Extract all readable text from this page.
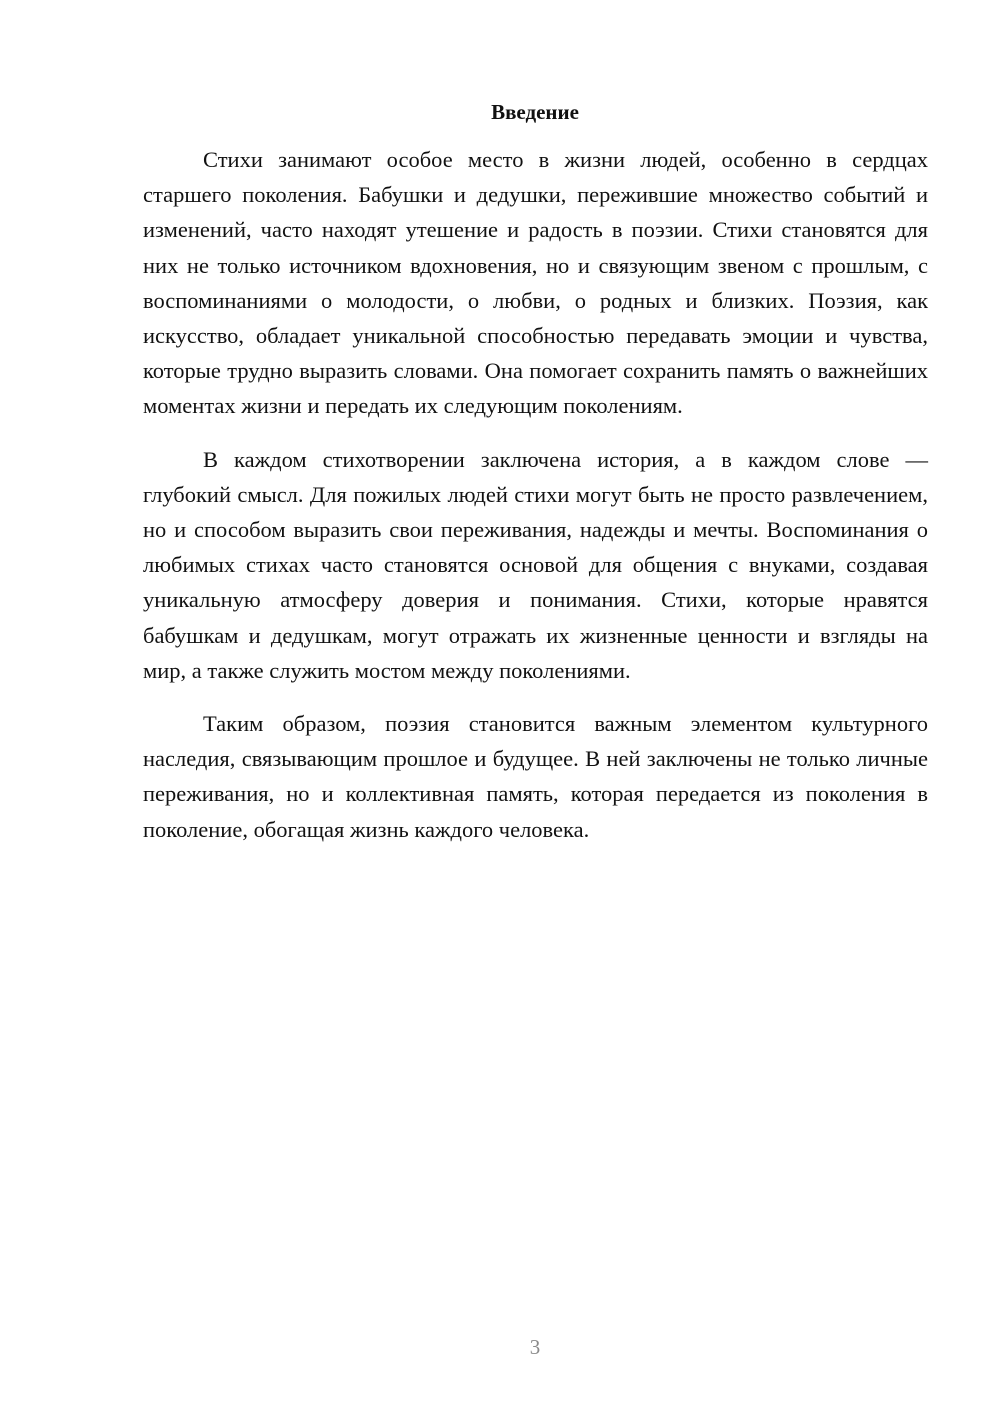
Введение

Стихи занимают особое место в жизни людей, особенно в сердцах старшего поколения. Бабушки и дедушки, пережившие множество событий и изменений, часто находят утешение и радость в поэзии. Стихи становятся для них не только источником вдохновения, но и связующим звеном с прошлым, с воспоминаниями о молодости, о любви, о родных и близких. Поэзия, как искусство, обладает уникальной способностью передавать эмоции и чувства, которые трудно выразить словами. Она помогает сохранить память о важнейших моментах жизни и передать их следующим поколениям.

В каждом стихотворении заключена история, а в каждом слове — глубокий смысл. Для пожилых людей стихи могут быть не просто развлечением, но и способом выразить свои переживания, надежды и мечты. Воспоминания о любимых стихах часто становятся основой для общения с внуками, создавая уникальную атмосферу доверия и понимания. Стихи, которые нравятся бабушкам и дедушкам, могут отражать их жизненные ценности и взгляды на мир, а также служить мостом между поколениями.

Таким образом, поэзия становится важным элементом культурного наследия, связывающим прошлое и будущее. В ней заключены не только личные переживания, но и коллективная память, которая передается из поколения в поколение, обогащая жизнь каждого человека.

3
